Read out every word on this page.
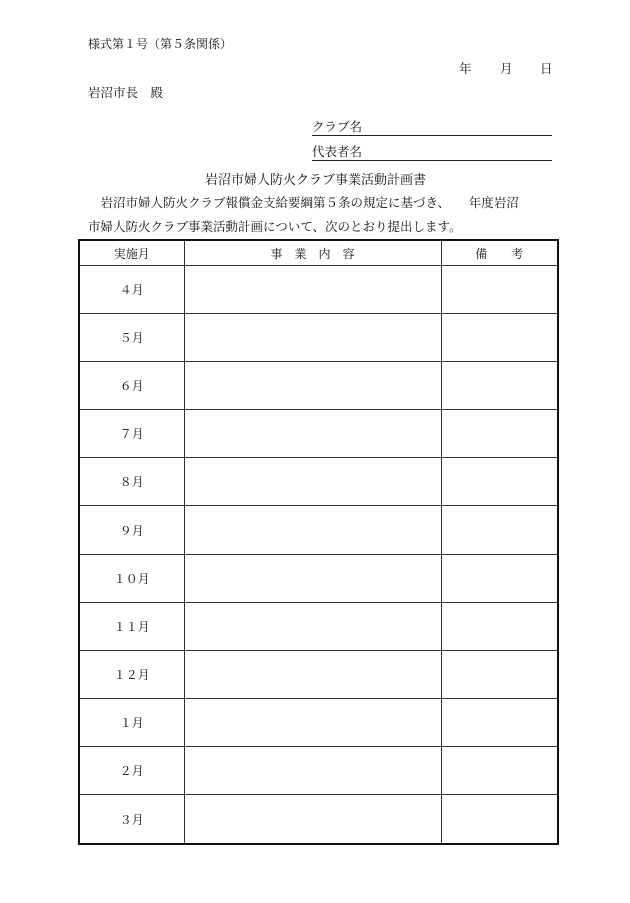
様式第１号（第５条関係）
年 月 日
岩沼市長　殿
クラブ名
代表者名
岩沼市婦人防火クラブ事業活動計画書
　岩沼市婦人防火クラブ報償金支給要綱第５条の規定に基づき、　　年度岩沼
市婦人防火クラブ事業活動計画について、次のとおり提出します。
実施月	事　業　内　容	備　　考
４月		
５月		
６月		
７月		
８月		
９月		
１０月		
１１月		
１２月		
１月		
２月		
３月		
